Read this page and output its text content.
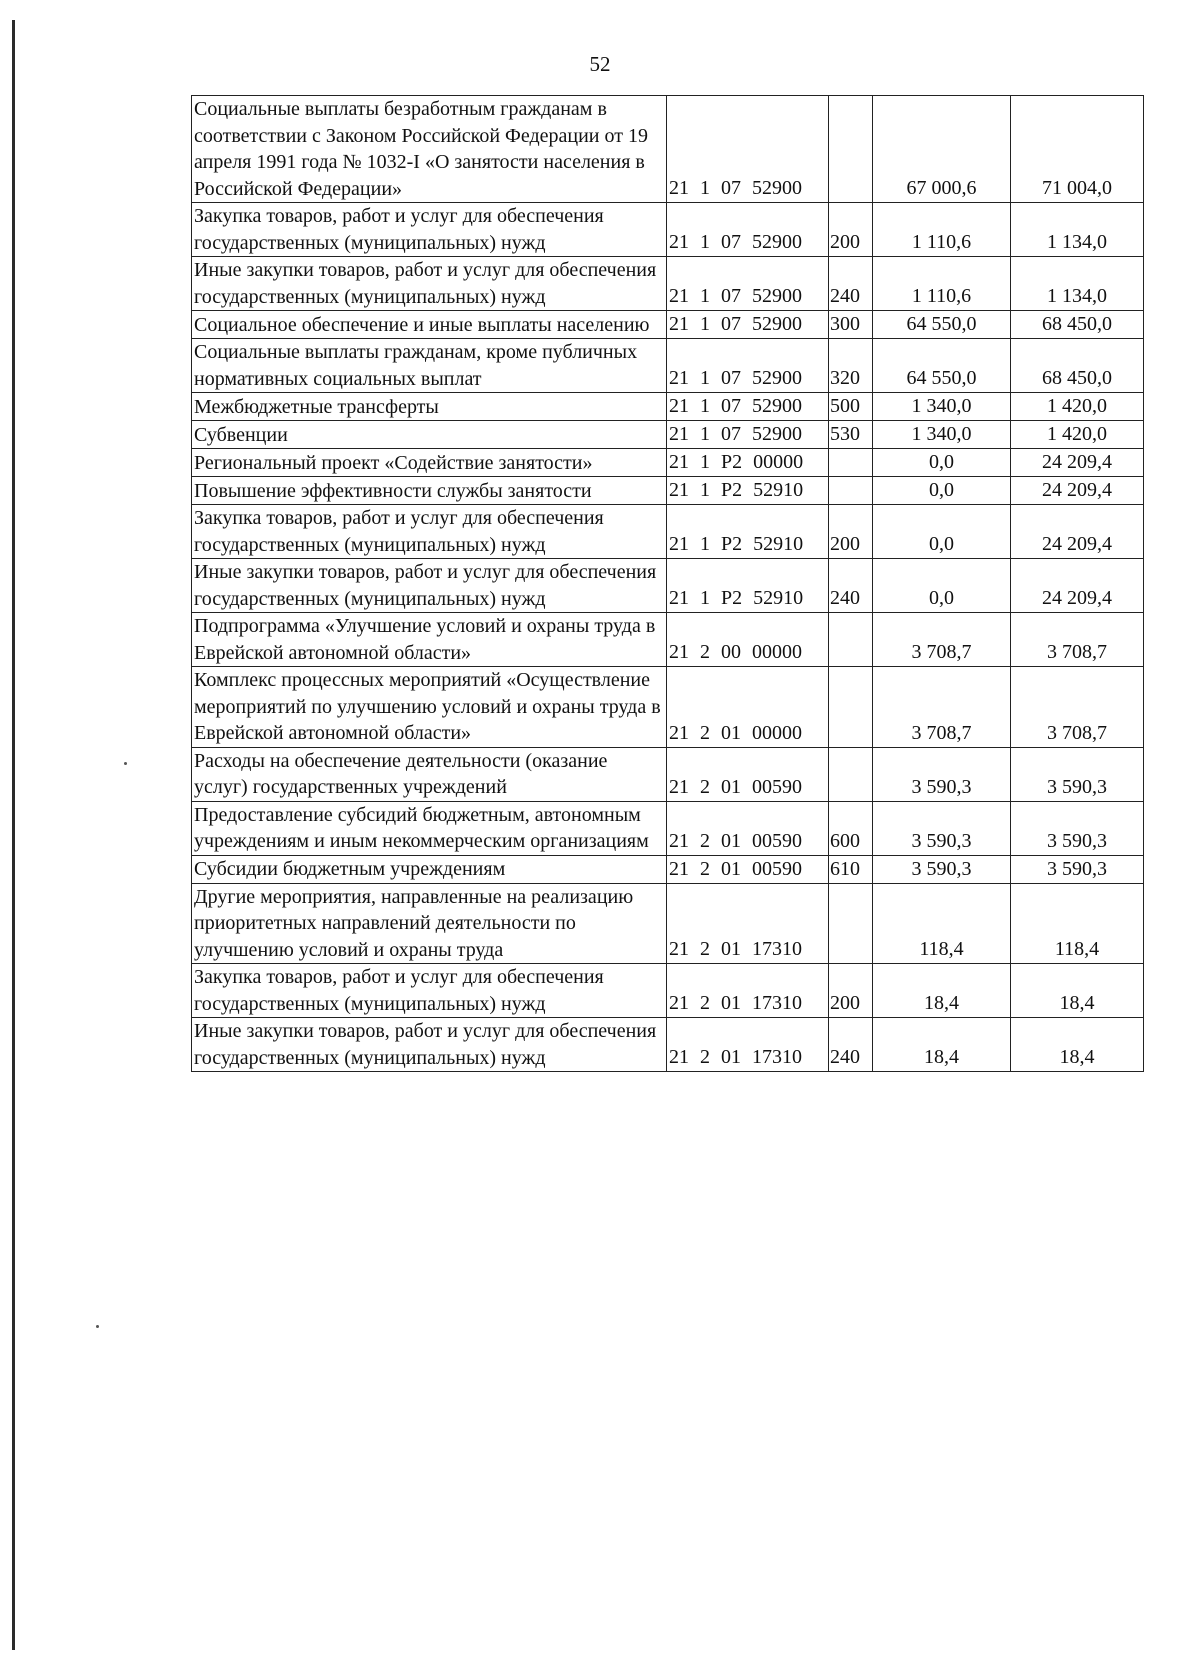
52
Социальные выплаты безработным гражданам в соответствии с Законом Российской Федерации от 19 апреля 1991 года № 1032-I «О занятости населения в Российской Федерации»	21 1 07 52900		67 000,6	71 004,0
Закупка товаров, работ и услуг для обеспечения государственных (муниципальных) нужд	21 1 07 52900	200	1 110,6	1 134,0
Иные закупки товаров, работ и услуг для обеспечения государственных (муниципальных) нужд	21 1 07 52900	240	1 110,6	1 134,0
Социальное обеспечение и иные выплаты населению	21 1 07 52900	300	64 550,0	68 450,0
Социальные выплаты гражданам, кроме публичных нормативных социальных выплат	21 1 07 52900	320	64 550,0	68 450,0
Межбюджетные трансферты	21 1 07 52900	500	1 340,0	1 420,0
Субвенции	21 1 07 52900	530	1 340,0	1 420,0
Региональный проект «Содействие занятости»	21 1 P2 00000		0,0	24 209,4
Повышение эффективности службы занятости	21 1 P2 52910		0,0	24 209,4
Закупка товаров, работ и услуг для обеспечения государственных (муниципальных) нужд	21 1 P2 52910	200	0,0	24 209,4
Иные закупки товаров, работ и услуг для обеспечения государственных (муниципальных) нужд	21 1 P2 52910	240	0,0	24 209,4
Подпрограмма «Улучшение условий и охраны труда в Еврейской автономной области»	21 2 00 00000		3 708,7	3 708,7
Комплекс процессных мероприятий «Осуществление мероприятий по улучшению условий и охраны труда в Еврейской автономной области»	21 2 01 00000		3 708,7	3 708,7
Расходы на обеспечение деятельности (оказание услуг) государственных учреждений	21 2 01 00590		3 590,3	3 590,3
Предоставление субсидий бюджетным, автономным учреждениям и иным некоммерческим организациям	21 2 01 00590	600	3 590,3	3 590,3
Субсидии бюджетным учреждениям	21 2 01 00590	610	3 590,3	3 590,3
Другие мероприятия, направленные на реализацию приоритетных направлений деятельности по улучшению условий и охраны труда	21 2 01 17310		118,4	118,4
Закупка товаров, работ и услуг для обеспечения государственных (муниципальных) нужд	21 2 01 17310	200	18,4	18,4
Иные закупки товаров, работ и услуг для обеспечения государственных (муниципальных) нужд	21 2 01 17310	240	18,4	18,4
